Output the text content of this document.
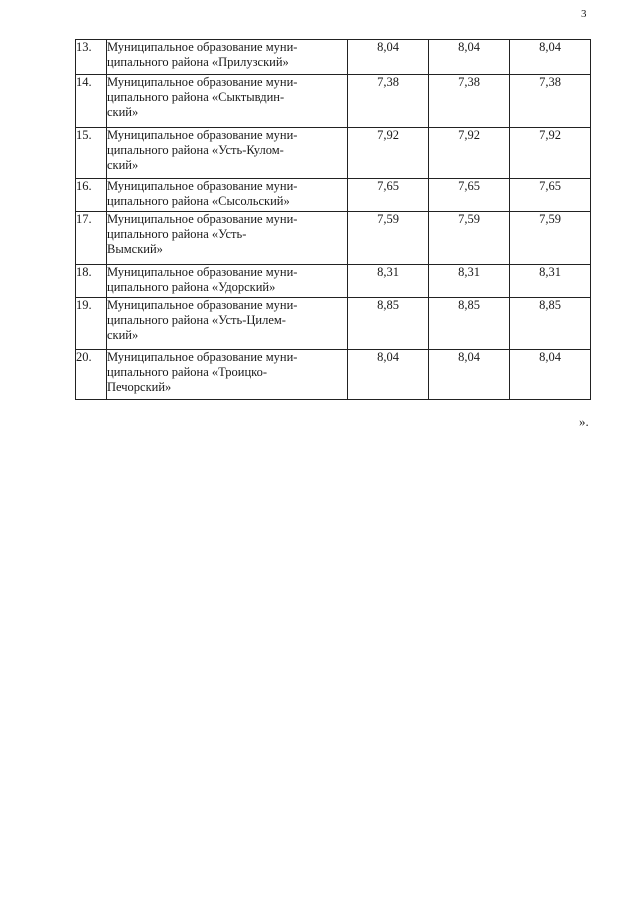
3
13.	Муниципальное образование муни-
ципального района «Прилузский»	8,04	8,04	8,04
14.	Муниципальное образование муни-
ципального района «Сыктывдин-
ский»	7,38	7,38	7,38
15.	Муниципальное образование муни-
ципального района «Усть-Кулом-
ский»	7,92	7,92	7,92
16.	Муниципальное образование муни-
ципального района «Сысольский»	7,65	7,65	7,65
17.	Муниципальное образование муни-
ципального района «Усть-
Вымский»	7,59	7,59	7,59
18.	Муниципальное образование муни-
ципального района «Удорский»	8,31	8,31	8,31
19.	Муниципальное образование муни-
ципального района «Усть-Цилем-
ский»	8,85	8,85	8,85
20.	Муниципальное образование муни-
ципального района «Троицко-
Печорский»	8,04	8,04	8,04
».
